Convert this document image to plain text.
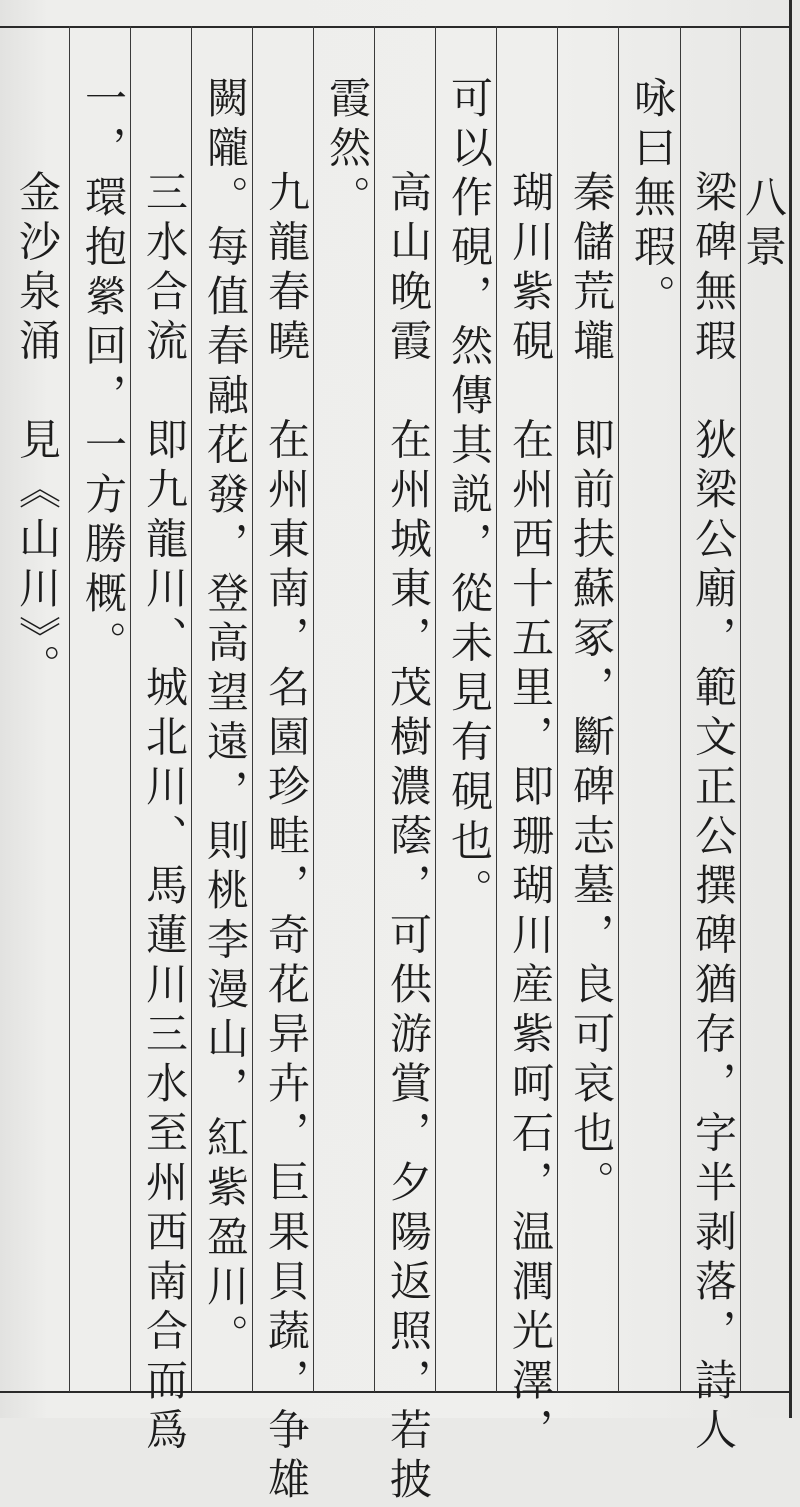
八景
梁碑無瑕　狄梁公廟，範文正公撰碑猶存，字半剥落，詩人
咏曰無瑕。
秦儲荒壠　即前扶蘇冢，斷碑志墓，良可哀也。
瑚川紫硯　在州西十五里，即珊瑚川産紫呵石，温潤光澤，
可以作硯，然傳其説，從未見有硯也。
高山晚霞　在州城東，茂樹濃蔭，可供游賞，夕陽返照，若披
霞然。
九龍春曉　在州東南，名園珍畦，奇花异卉，巨果貝蔬，争雄
闕隴。每值春融花發，登高望遠，則桃李漫山，紅紫盈川。
三水合流　即九龍川、城北川、馬蓮川三水至州西南合而爲
一，環抱縈回，一方勝概。
金沙泉涌　見《山川》。
